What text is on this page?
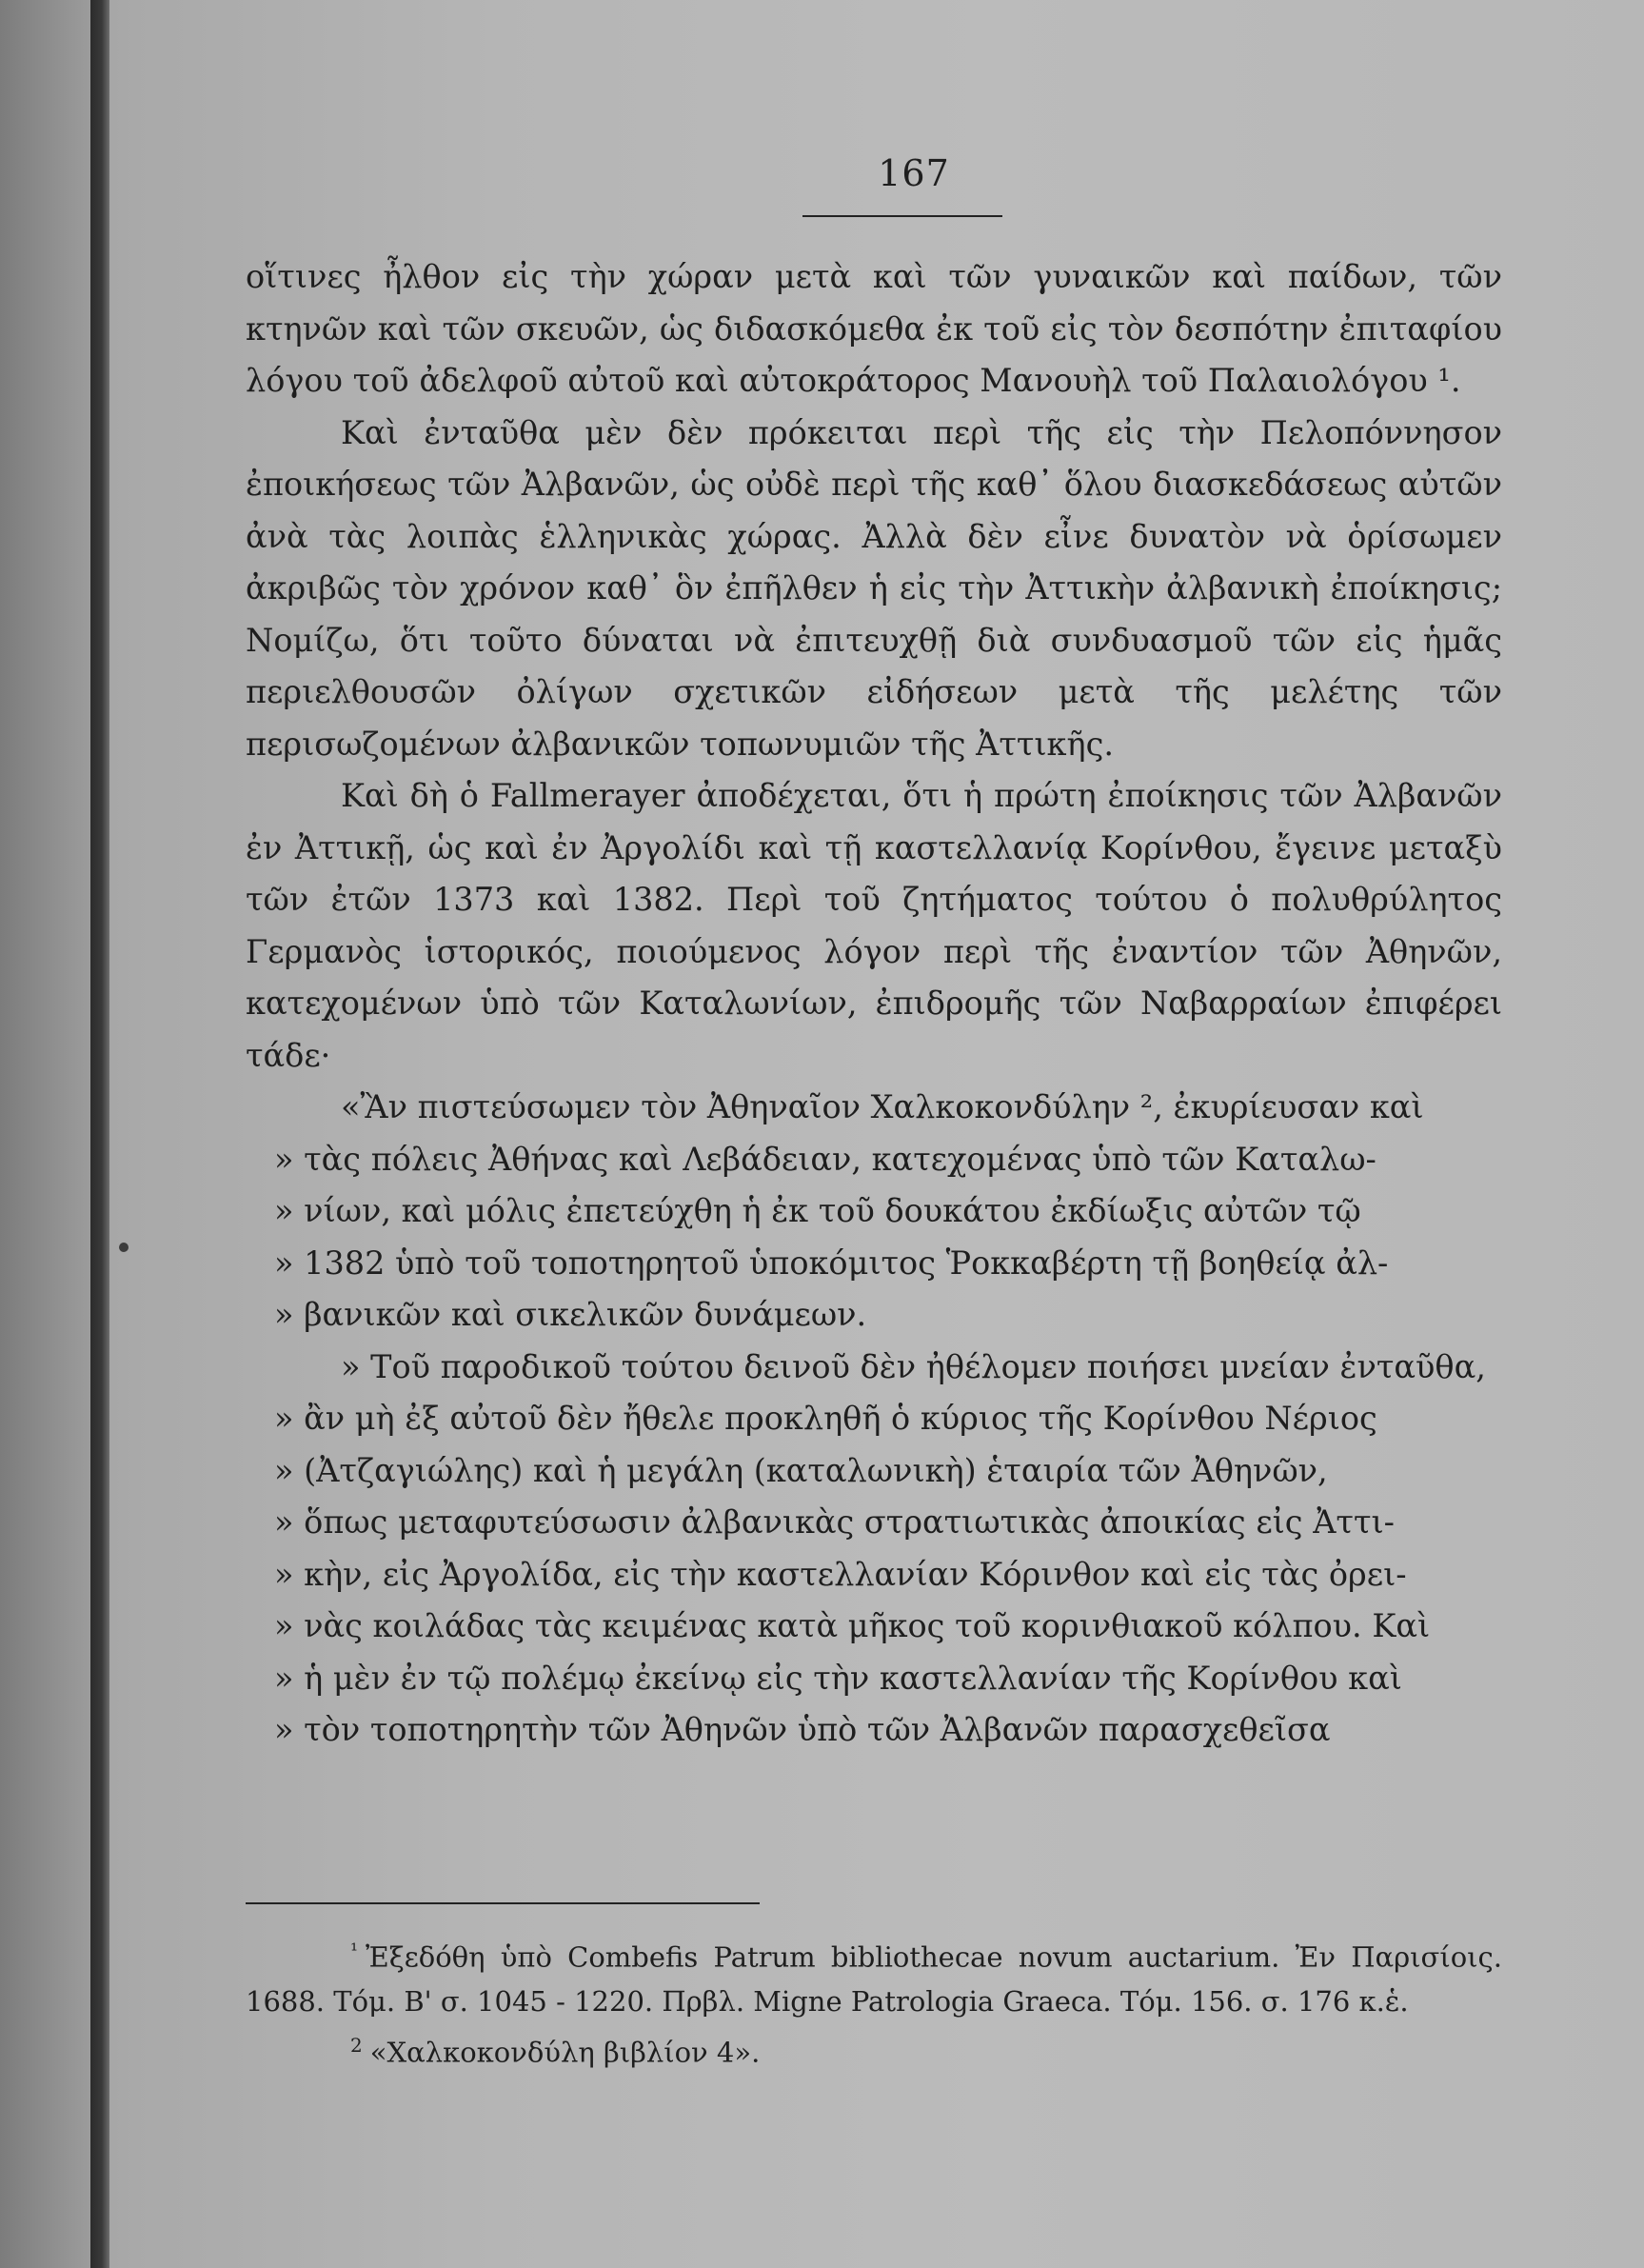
167

οἵτινες ἦλθον εἰς τὴν χώραν μετὰ καὶ τῶν γυναικῶν καὶ παίδων, τῶν κτηνῶν καὶ τῶν σκευῶν, ὡς διδασκόμεθα ἐκ τοῦ εἰς τὸν δεσπότην ἐπιταφίου λόγου τοῦ ἀδελφοῦ αὐτοῦ καὶ αὐτοκράτορος Μανουὴλ τοῦ Παλαιολόγου ¹.

Καὶ ἐνταῦθα μὲν δὲν πρόκειται περὶ τῆς εἰς τὴν Πελοπόννησον ἐποικήσεως τῶν Ἀλβανῶν, ὡς οὐδὲ περὶ τῆς καθ᾽ ὅλου διασκεδάσεως αὐτῶν ἀνὰ τὰς λοιπὰς ἑλληνικὰς χώρας. Ἀλλὰ δὲν εἶνε δυνατὸν νὰ ὁρίσωμεν ἀκριβῶς τὸν χρόνον καθ᾽ ὃν ἐπῆλθεν ἡ εἰς τὴν Ἀττικὴν ἀλβανικὴ ἐποίκησις; Νομίζω, ὅτι τοῦτο δύναται νὰ ἐπιτευχθῇ διὰ συνδυασμοῦ τῶν εἰς ἡμᾶς περιελθουσῶν ὀλίγων σχετικῶν εἰδήσεων μετὰ τῆς μελέτης τῶν περισωζομένων ἀλβανικῶν τοπωνυμιῶν τῆς Ἀττικῆς.

Καὶ δὴ ὁ Fallmerayer ἀποδέχεται, ὅτι ἡ πρώτη ἐποίκησις τῶν Ἀλβανῶν ἐν Ἀττικῇ, ὡς καὶ ἐν Ἀργολίδι καὶ τῇ καστελλανίᾳ Κορίνθου, ἔγεινε μεταξὺ τῶν ἐτῶν 1373 καὶ 1382. Περὶ τοῦ ζητήματος τούτου ὁ πολυθρύλητος Γερμανὸς ἱστορικός, ποιούμενος λόγον περὶ τῆς ἐναντίον τῶν Ἀθηνῶν, κατεχομένων ὑπὸ τῶν Καταλωνίων, ἐπιδρομῆς τῶν Ναβαρραίων ἐπιφέρει τάδε·

«Ἂν πιστεύσωμεν τὸν Ἀθηναῖον Χαλκοκονδύλην ², ἐκυρίευσαν καὶ
» τὰς πόλεις Ἀθήνας καὶ Λεβάδειαν, κατεχομένας ὑπὸ τῶν Καταλω-
» νίων, καὶ μόλις ἐπετεύχθη ἡ ἐκ τοῦ δουκάτου ἐκδίωξις αὐτῶν τῷ
» 1382 ὑπὸ τοῦ τοποτηρητοῦ ὑποκόμιτος Ῥοκκαβέρτη τῇ βοηθείᾳ ἀλ-
» βανικῶν καὶ σικελικῶν δυνάμεων.
» Τοῦ παροδικοῦ τούτου δεινοῦ δὲν ἠθέλομεν ποιήσει μνείαν ἐνταῦθα,
» ἂν μὴ ἐξ αὐτοῦ δὲν ἤθελε προκληθῆ ὁ κύριος τῆς Κορίνθου Νέριος
» (Ἀτζαγιώλης) καὶ ἡ μεγάλη (καταλωνικὴ) ἑταιρία τῶν Ἀθηνῶν,
» ὅπως μεταφυτεύσωσιν ἀλβανικὰς στρατιωτικὰς ἀποικίας εἰς Ἀττι-
» κὴν, εἰς Ἀργολίδα, εἰς τὴν καστελλανίαν Κόρινθον καὶ εἰς τὰς ὀρει-
» νὰς κοιλάδας τὰς κειμένας κατὰ μῆκος τοῦ κορινθιακοῦ κόλπου. Καὶ
» ἡ μὲν ἐν τῷ πολέμῳ ἐκείνῳ εἰς τὴν καστελλανίαν τῆς Κορίνθου καὶ
» τὸν τοποτηρητὴν τῶν Ἀθηνῶν ὑπὸ τῶν Ἀλβανῶν παρασχεθεῖσα
$^{^1}$ Ἐξεδόθη ὑπὸ Combefis Patrum bibliothecae novum auctarium. Ἐν Παρισίοις. 1688. Τόμ. Β' σ. 1045 - 1220. Πρβλ. Migne Patrologia Graeca. Τόμ. 156. σ. 176 κ.ἑ.
$^2$ «Χαλκοκονδύλη βιβλίον 4».
